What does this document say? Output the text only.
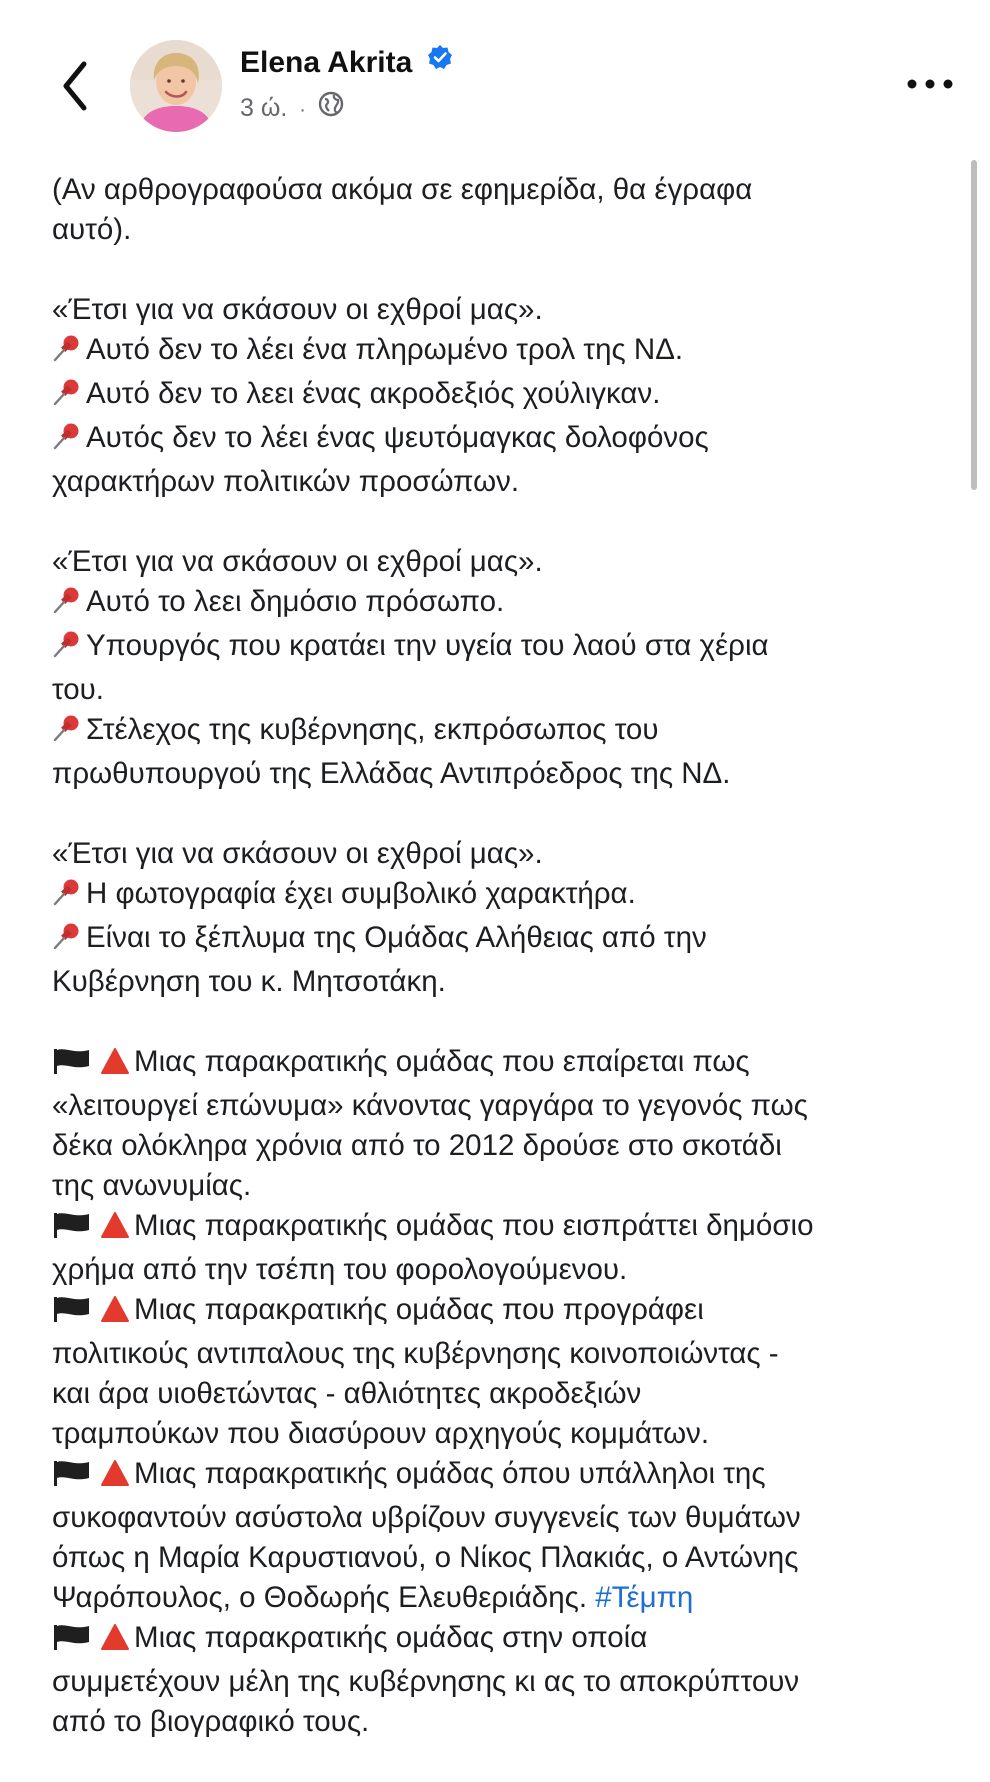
Elena Akrita
3 ώ. ·
(Αν αρθρογραφούσα ακόμα σε εφημερίδα, θα έγραφα
αυτό).
«Έτσι για να σκάσουν οι εχθροί μας».
Αυτό δεν το λέει ένα πληρωμένο τρολ της ΝΔ.
Αυτό δεν το λεει ένας ακροδεξιός χούλιγκαν.
Αυτός δεν το λέει ένας ψευτόμαγκας δολοφόνος
χαρακτήρων πολιτικών προσώπων.
«Έτσι για να σκάσουν οι εχθροί μας».
Αυτό το λεει δημόσιο πρόσωπο.
Υπουργός που κρατάει την υγεία του λαού στα χέρια
του.
Στέλεχος της κυβέρνησης, εκπρόσωπος του
πρωθυπουργού της Ελλάδας Αντιπρόεδρος της ΝΔ.
«Έτσι για να σκάσουν οι εχθροί μας».
Η φωτογραφία έχει συμβολικό χαρακτήρα.
Είναι το ξέπλυμα της Ομάδας Αλήθειας από την
Κυβέρνηση του κ. Μητσοτάκη.
Μιας παρακρατικής ομάδας που επαίρεται πως
«λειτουργεί επώνυμα» κάνοντας γαργάρα το γεγονός πως
δέκα ολόκληρα χρόνια από το 2012 δρούσε στο σκοτάδι
της ανωνυμίας.
Μιας παρακρατικής ομάδας που εισπράττει δημόσιο
χρήμα από την τσέπη του φορολογούμενου.
Μιας παρακρατικής ομάδας που προγράφει
πολιτικούς αντιπαλους της κυβέρνησης κοινοποιώντας -
και άρα υιοθετώντας - αθλιότητες ακροδεξιών
τραμπούκων που διασύρουν αρχηγούς κομμάτων.
Μιας παρακρατικής ομάδας όπου υπάλληλοι της
συκοφαντούν ασύστολα υβρίζουν συγγενείς των θυμάτων
όπως η Μαρία Καρυστιανού, ο Νίκος Πλακιάς, ο Αντώνης
Ψαρόπουλος, ο Θοδωρής Ελευθεριάδης. #Τέμπη
Μιας παρακρατικής ομάδας στην οποία
συμμετέχουν μέλη της κυβέρνησης κι ας το αποκρύπτουν
από το βιογραφικό τους.
